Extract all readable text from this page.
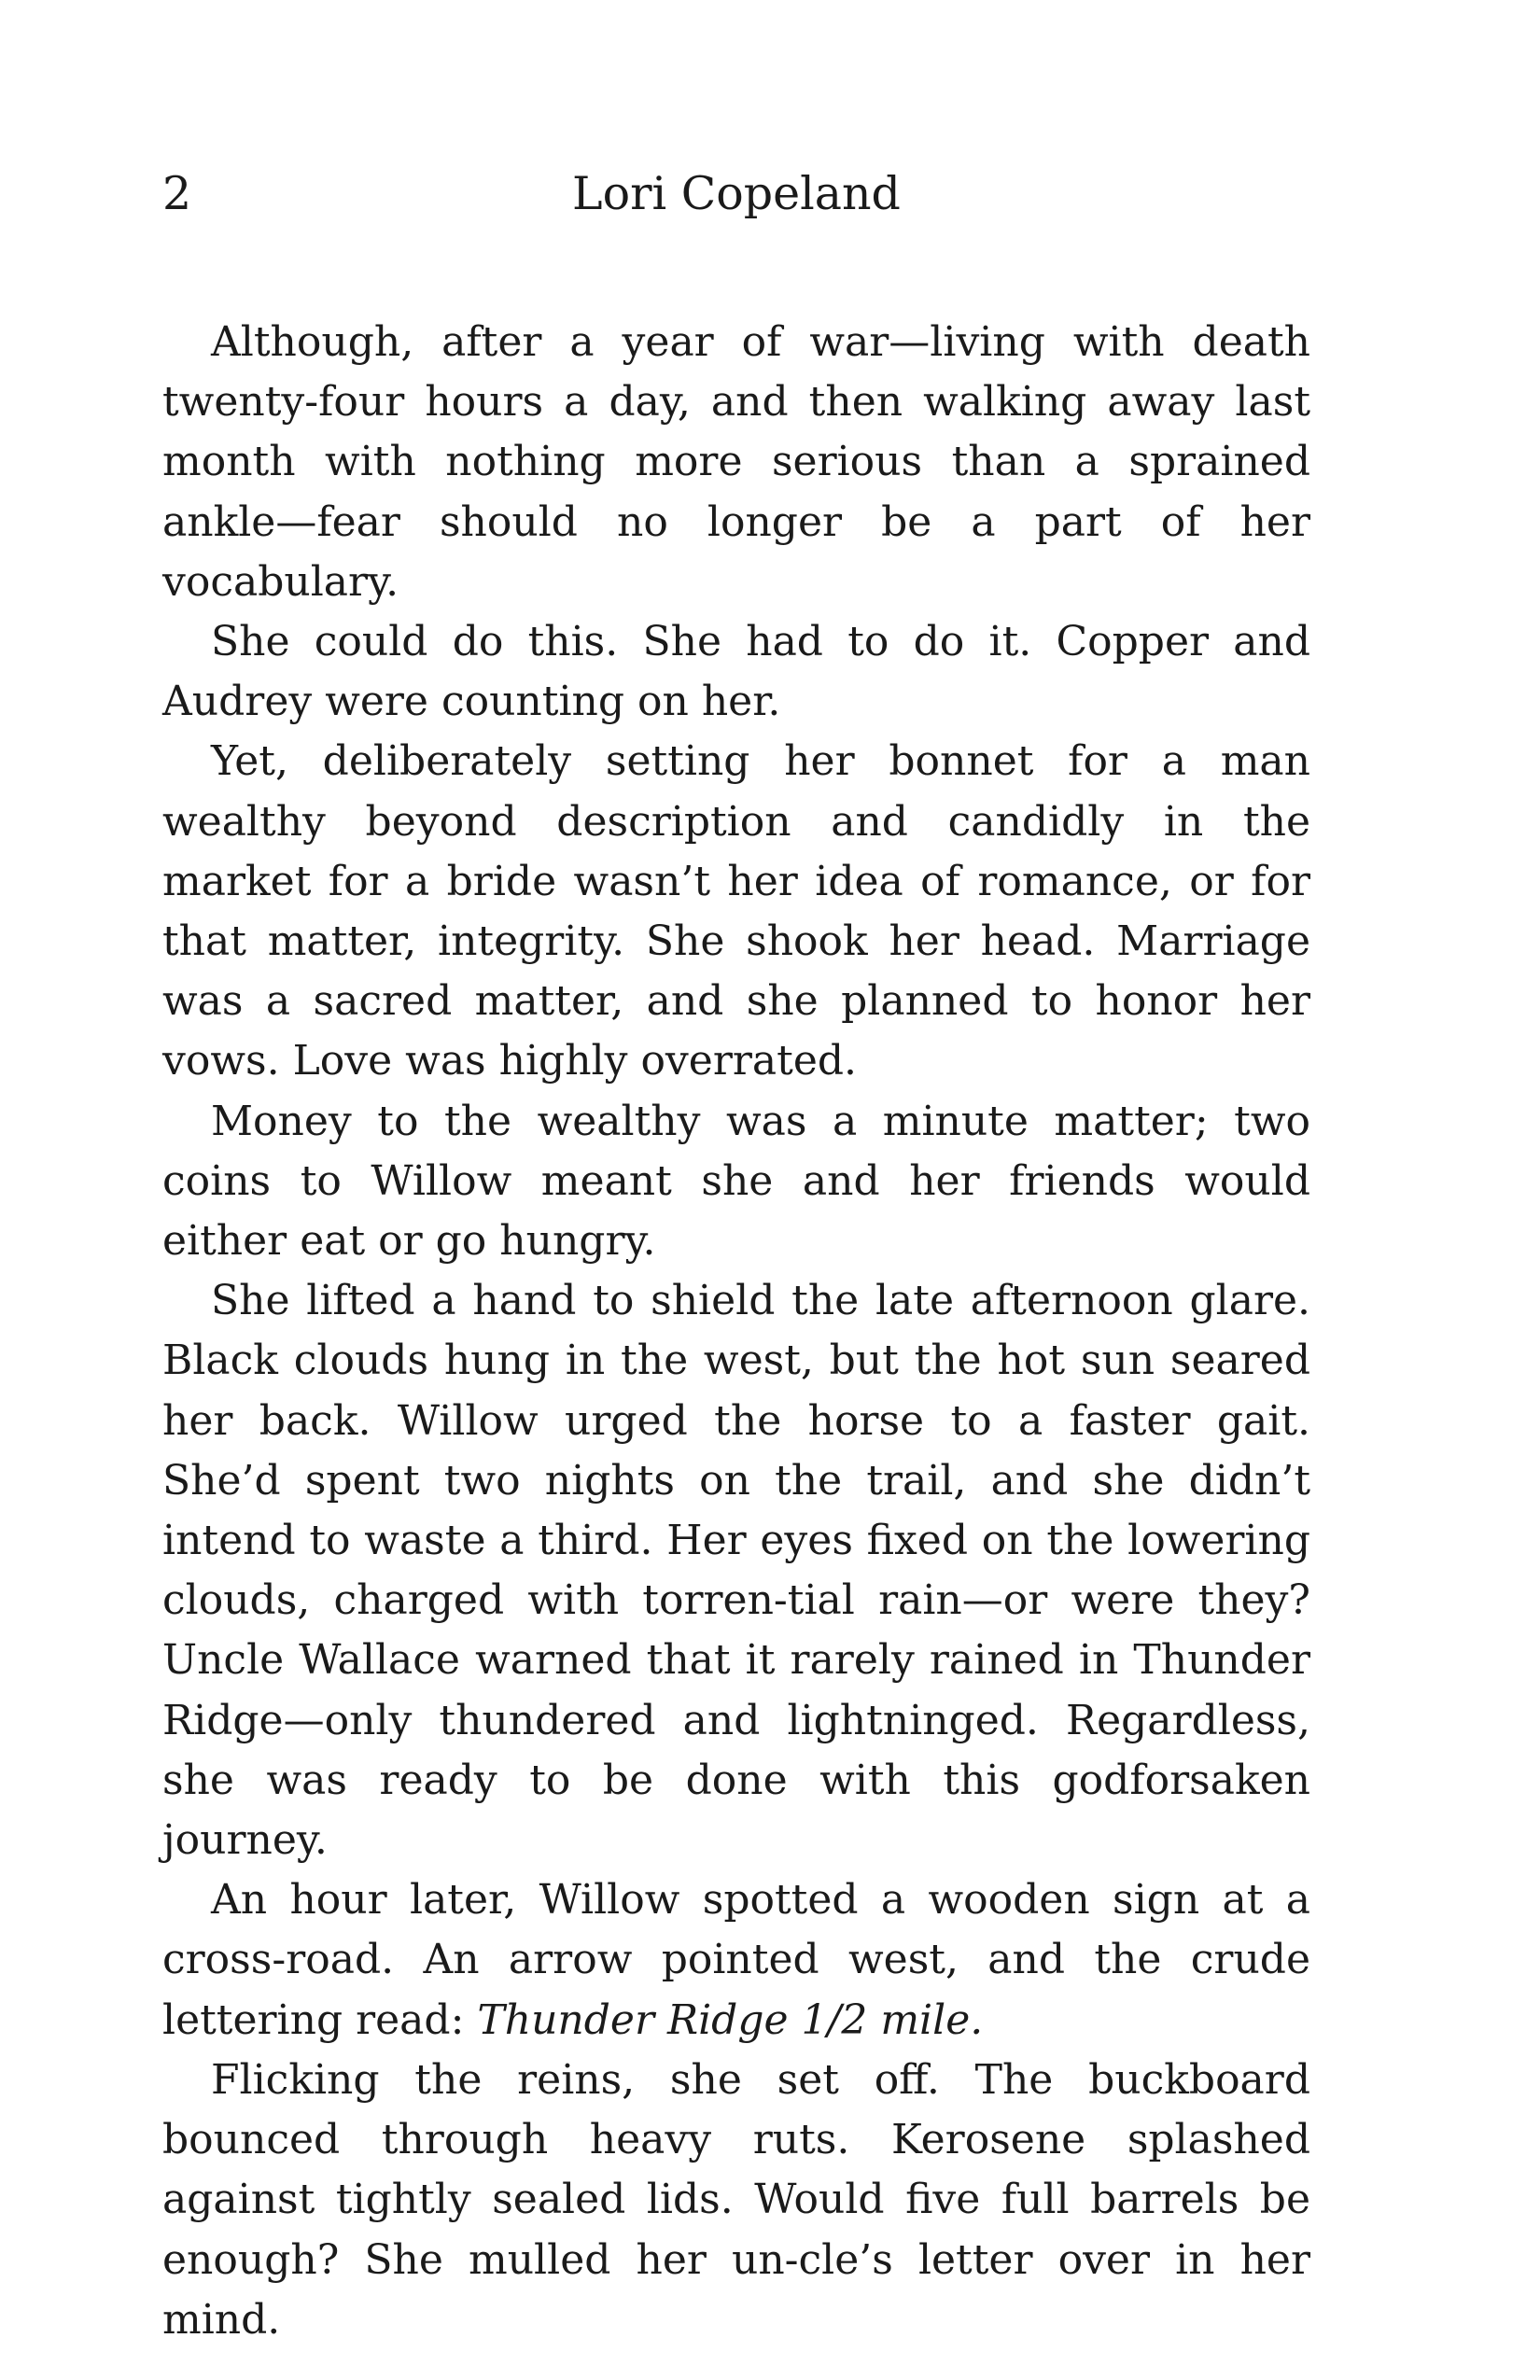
2	Lori Copeland

Although, after a year of war—living with death twenty-four hours a day, and then walking away last month with nothing more serious than a sprained ankle—fear should no longer be a part of her vocabulary.

She could do this. She had to do it. Copper and Audrey were counting on her.

Yet, deliberately setting her bonnet for a man wealthy beyond description and candidly in the market for a bride wasn’t her idea of romance, or for that matter, integrity. She shook her head. Marriage was a sacred matter, and she planned to honor her vows. Love was highly overrated.

Money to the wealthy was a minute matter; two coins to Willow meant she and her friends would either eat or go hungry.

She lifted a hand to shield the late afternoon glare. Black clouds hung in the west, but the hot sun seared her back. Willow urged the horse to a faster gait. She’d spent two nights on the trail, and she didn’t intend to waste a third. Her eyes fixed on the lowering clouds, charged with torren-tial rain—or were they? Uncle Wallace warned that it rarely rained in Thunder Ridge—only thundered and lightninged. Regardless, she was ready to be done with this godforsaken journey.

An hour later, Willow spotted a wooden sign at a cross-road. An arrow pointed west, and the crude lettering read: Thunder Ridge 1/2 mile.

Flicking the reins, she set off. The buckboard bounced through heavy ruts. Kerosene splashed against tightly sealed lids. Would five full barrels be enough? She mulled her un-cle’s letter over in her mind.
